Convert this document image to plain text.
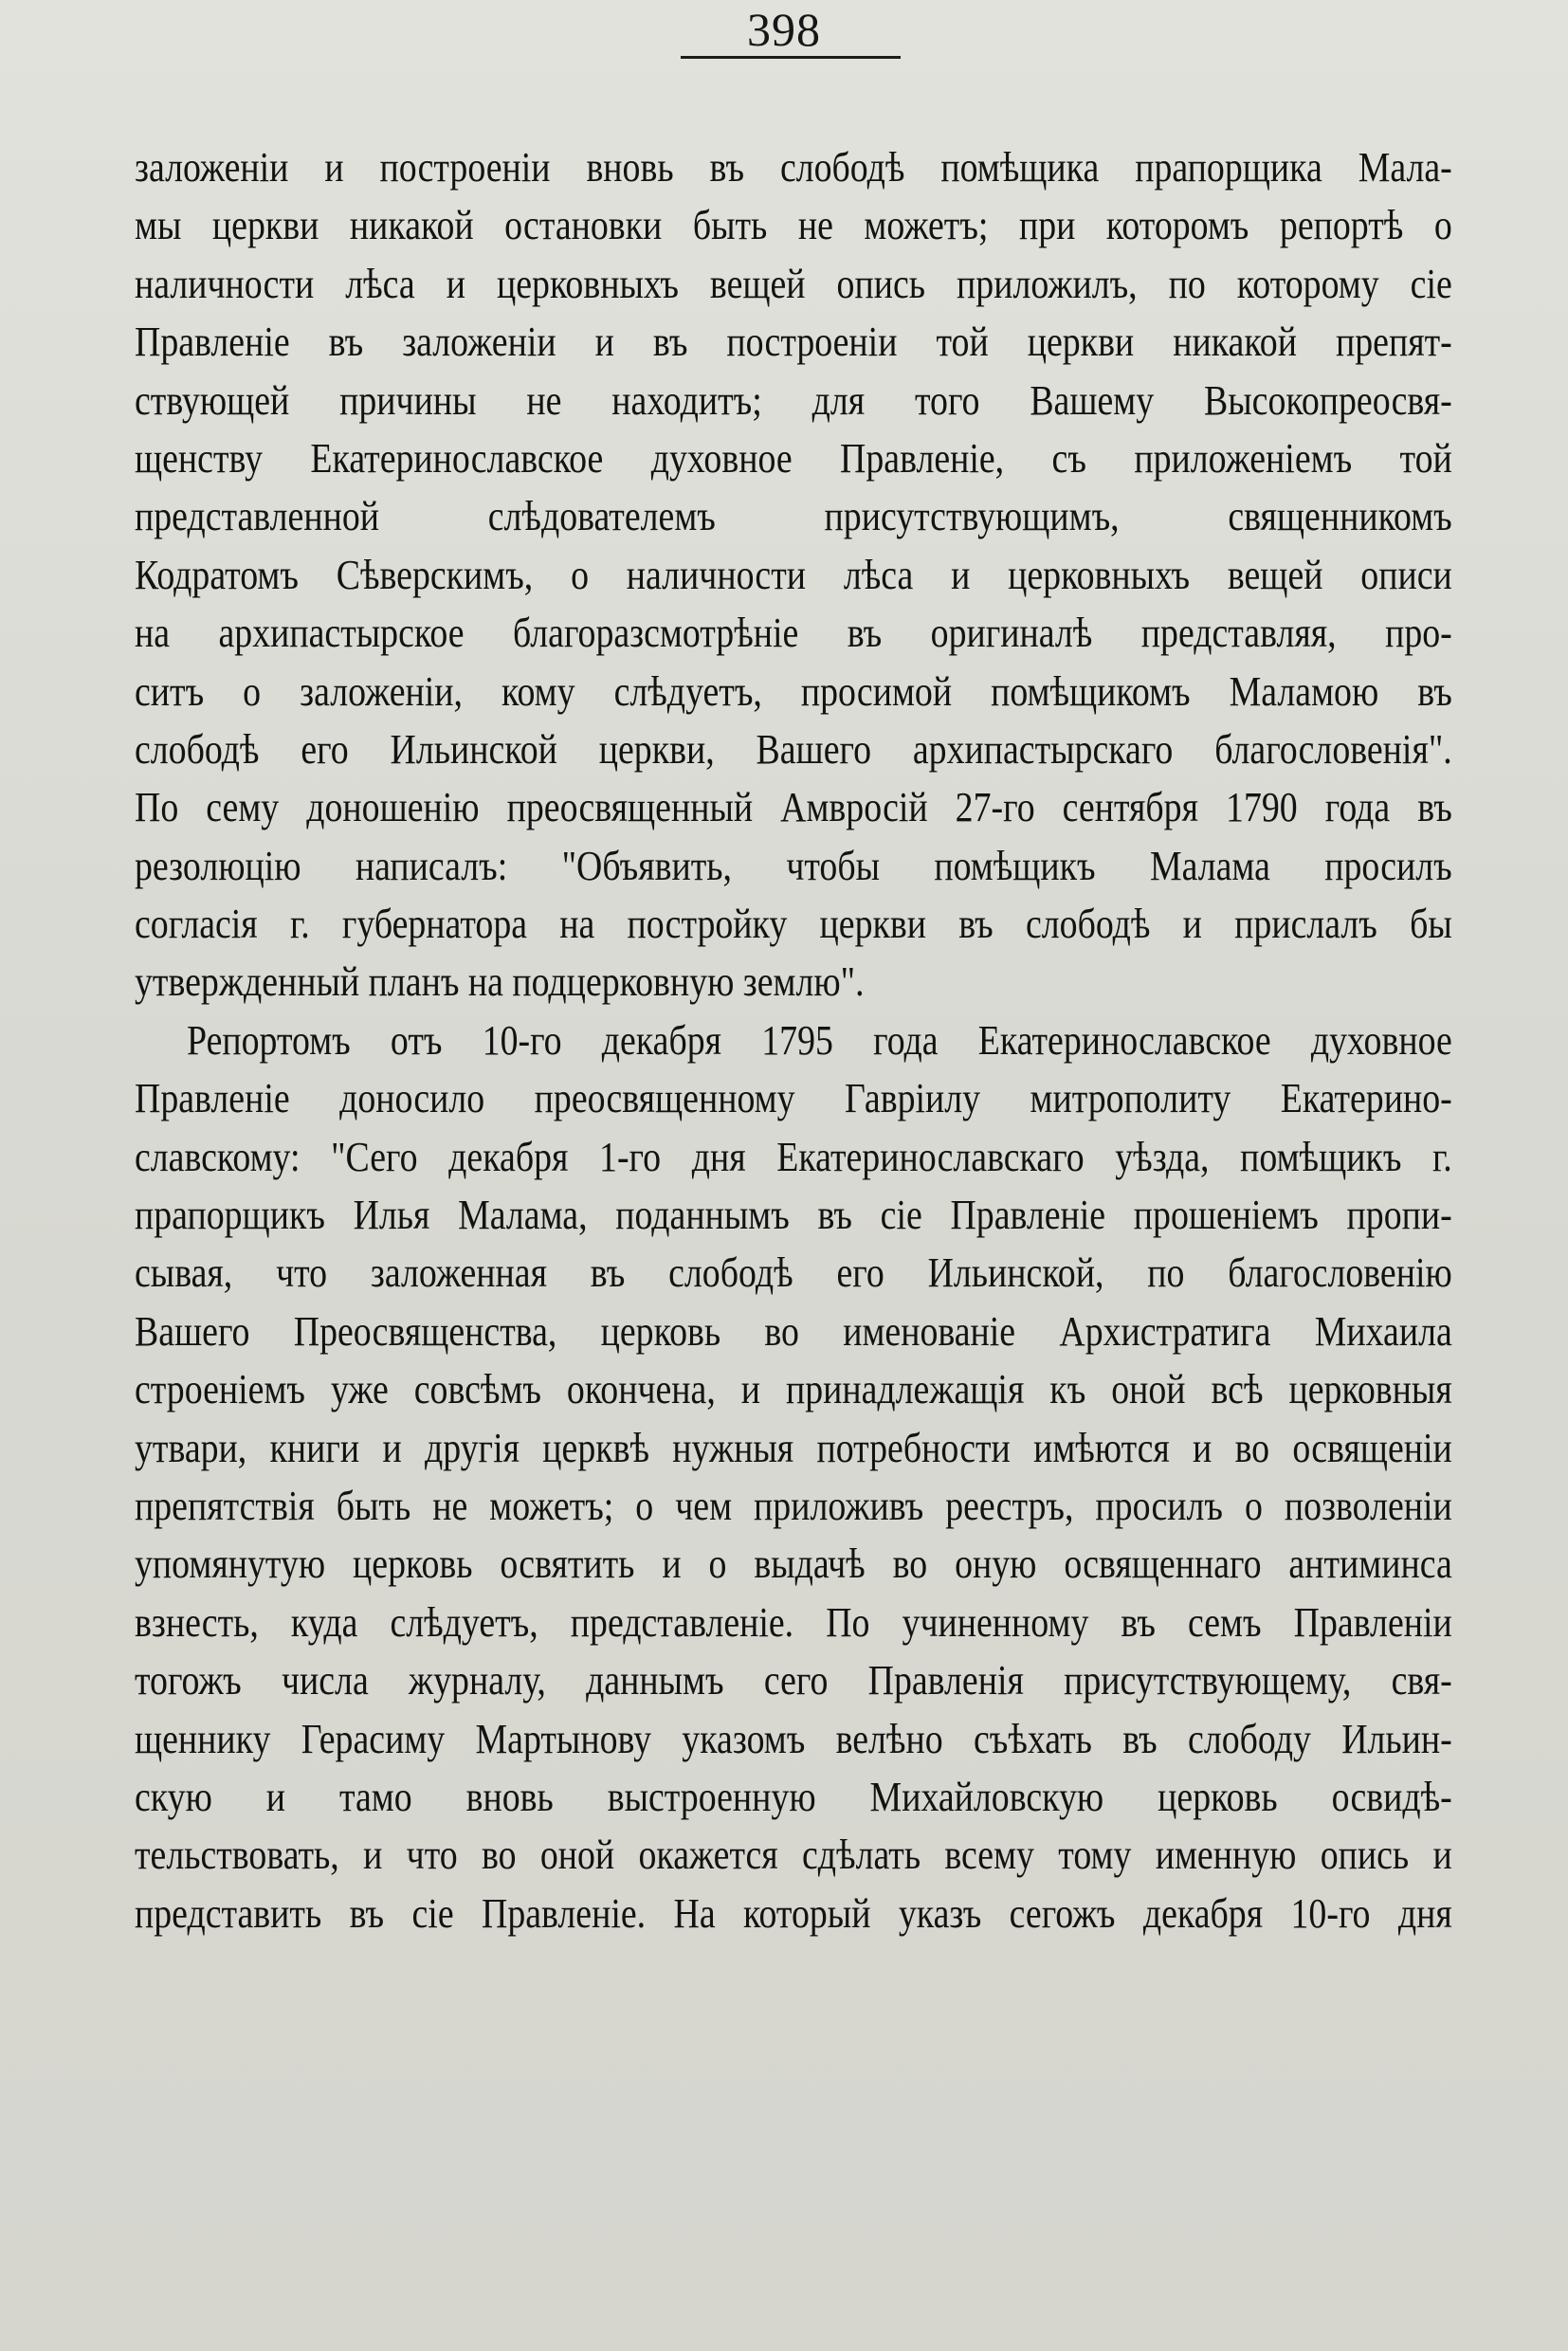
398
заложеніи и построеніи вновь въ слободѣ помѣщика прапорщика Мала-
мы церкви никакой остановки быть не можетъ; при которомъ репортѣ о
наличности лѣса и церковныхъ вещей опись приложилъ, по которому сіе
Правленіе въ заложеніи и въ построеніи той церкви никакой препят-
ствующей причины не находитъ; для того Вашему Высокопреосвя-
щенству Екатеринославское духовное Правленіе, съ приложеніемъ той
представленной слѣдователемъ присутствующимъ, священникомъ
Кодратомъ Сѣверскимъ, о наличности лѣса и церковныхъ вещей описи
на архипастырское благоразсмотрѣніе въ оригиналѣ представляя, про-
ситъ о заложеніи, кому слѣдуетъ, просимой помѣщикомъ Маламою въ
слободѣ его Ильинской церкви, Вашего архипастырскаго благословенія".
По сему доношенію преосвященный Амвросій 27-го сентября 1790 года въ
резолюцію написалъ: "Объявить, чтобы помѣщикъ Малама просилъ
согласія г. губернатора на постройку церкви въ слободѣ и прислалъ бы
утвержденный планъ на подцерковную землю".
Репортомъ отъ 10-го декабря 1795 года Екатеринославское духовное
Правленіе доносило преосвященному Гавріилу митрополиту Екатерино-
славскому: "Сего декабря 1-го дня Екатеринославскаго уѣзда, помѣщикъ г.
прапорщикъ Илья Малама, поданнымъ въ сіе Правленіе прошеніемъ пропи-
сывая, что заложенная въ слободѣ его Ильинской, по благословенію
Вашего Преосвященства, церковь во именованіе Архистратига Михаила
строеніемъ уже совсѣмъ окончена, и принадлежащія къ оной всѣ церковныя
утвари, книги и другія церквѣ нужныя потребности имѣются и во освященіи
препятствія быть не можетъ; о чем приложивъ реестръ, просилъ о позволеніи
упомянутую церковь освятить и о выдачѣ во оную освященнаго антиминса
взнесть, куда слѣдуетъ, представленіе. По учиненному въ семъ Правленіи
тогожъ числа журналу, даннымъ сего Правленія присутствующему, свя-
щеннику Герасиму Мартынову указомъ велѣно съѣхать въ слободу Ильин-
скую и тамо вновь выстроенную Михайловскую церковь освидѣ-
тельствовать, и что во оной окажется сдѣлать всему тому именную опись и
представить въ сіе Правленіе. На который указъ сегожъ декабря 10-го дня
